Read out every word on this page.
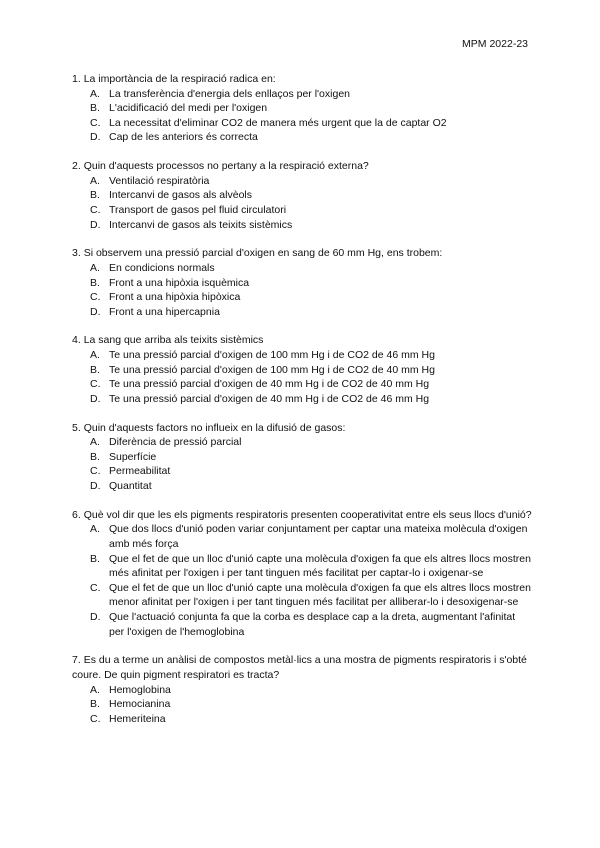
MPM 2022-23
1. La importància de la respiració radica en:
A. La transferència d'energia dels enllaços per l'oxigen
B. L'acidificació del medi per l'oxigen
C. La necessitat d'eliminar CO2 de manera més urgent que la de captar O2
D. Cap de les anteriors és correcta
2. Quin d'aquests processos no pertany a la respiració externa?
A. Ventilació respiratòria
B. Intercanvi de gasos als alvèols
C. Transport de gasos pel fluid circulatori
D. Intercanvi de gasos als teixits sistèmics
3. Si observem una pressió parcial d'oxigen en sang de 60 mm Hg, ens trobem:
A. En condicions normals
B. Front a una hipòxia isquèmica
C. Front a una hipòxia hipòxica
D. Front a una hipercapnia
4. La sang que arriba als teixits sistèmics
A. Te una pressió parcial d'oxigen de 100 mm Hg i de CO2 de 46 mm Hg
B. Te una pressió parcial d'oxigen de 100 mm Hg i de CO2 de 40 mm Hg
C. Te una pressió parcial d'oxigen de 40 mm Hg i de CO2 de 40 mm Hg
D. Te una pressió parcial d'oxigen de 40 mm Hg i de CO2 de 46 mm Hg
5. Quin d'aquests factors no influeix en la difusió de gasos:
A. Diferència de pressió parcial
B. Superfície
C. Permeabilitat
D. Quantitat
6. Què vol dir que les els pigments respiratoris presenten cooperativitat entre els seus llocs d'unió?
A. Que dos llocs d'unió poden variar conjuntament per captar una mateixa molècula d'oxigen amb més força
B. Que el fet de que un lloc d'unió capte una molècula d'oxigen fa que els altres llocs mostren més afinitat per l'oxigen i per tant tinguen més facilitat per captar-lo i oxigenar-se
C. Que el fet de que un lloc d'unió capte una molècula d'oxigen fa que els altres llocs mostren menor afinitat per l'oxigen i per tant tinguen més facilitat per alliberar-lo i desoxigenar-se
D. Que l'actuació conjunta fa que la corba es desplace cap a la dreta, augmentant l'afinitat per l'oxigen de l'hemoglobina
7. Es du a terme un anàlisi de compostos metàl·lics a una mostra de pigments respiratoris i s'obté coure. De quin pigment respiratori es tracta?
A. Hemoglobina
B. Hemocianina
C. Hemeriteina
